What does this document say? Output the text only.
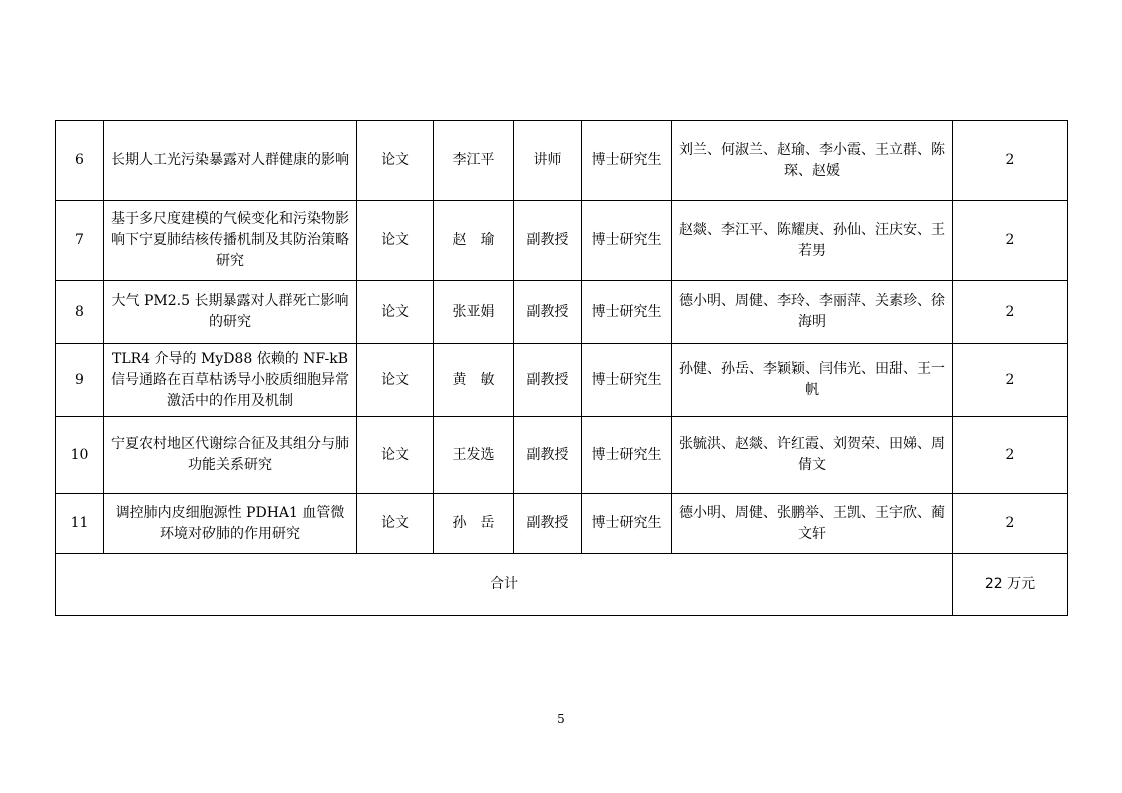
6	长期人工光污染暴露对人群健康的影响	论文	李江平	讲师	博士研究生	刘兰、何淑兰、赵瑜、李小霞、王立群、陈琛、赵媛	2
7	基于多尺度建模的气候变化和污染物影响下宁夏肺结核传播机制及其防治策略研究	论文	赵　瑜	副教授	博士研究生	赵燚、李江平、陈耀庚、孙仙、汪庆安、王若男	2
8	大气 PM2.5 长期暴露对人群死亡影响的研究	论文	张亚娟	副教授	博士研究生	德小明、周健、李玲、李丽萍、关素珍、徐海明	2
9	TLR4 介导的 MyD88 依赖的 NF-kB 信号通路在百草枯诱导小胶质细胞异常激活中的作用及机制	论文	黄　敏	副教授	博士研究生	孙健、孙岳、李颖颖、闫伟光、田甜、王一帆	2
10	宁夏农村地区代谢综合征及其组分与肺功能关系研究	论文	王发选	副教授	博士研究生	张毓洪、赵燚、许红霞、刘贺荣、田娣、周倩文	2
11	调控肺内皮细胞源性 PDHA1 血管微环境对矽肺的作用研究	论文	孙　岳	副教授	博士研究生	德小明、周健、张鹏举、王凯、王宇欣、蔺文轩	2
合计							22 万元
5
